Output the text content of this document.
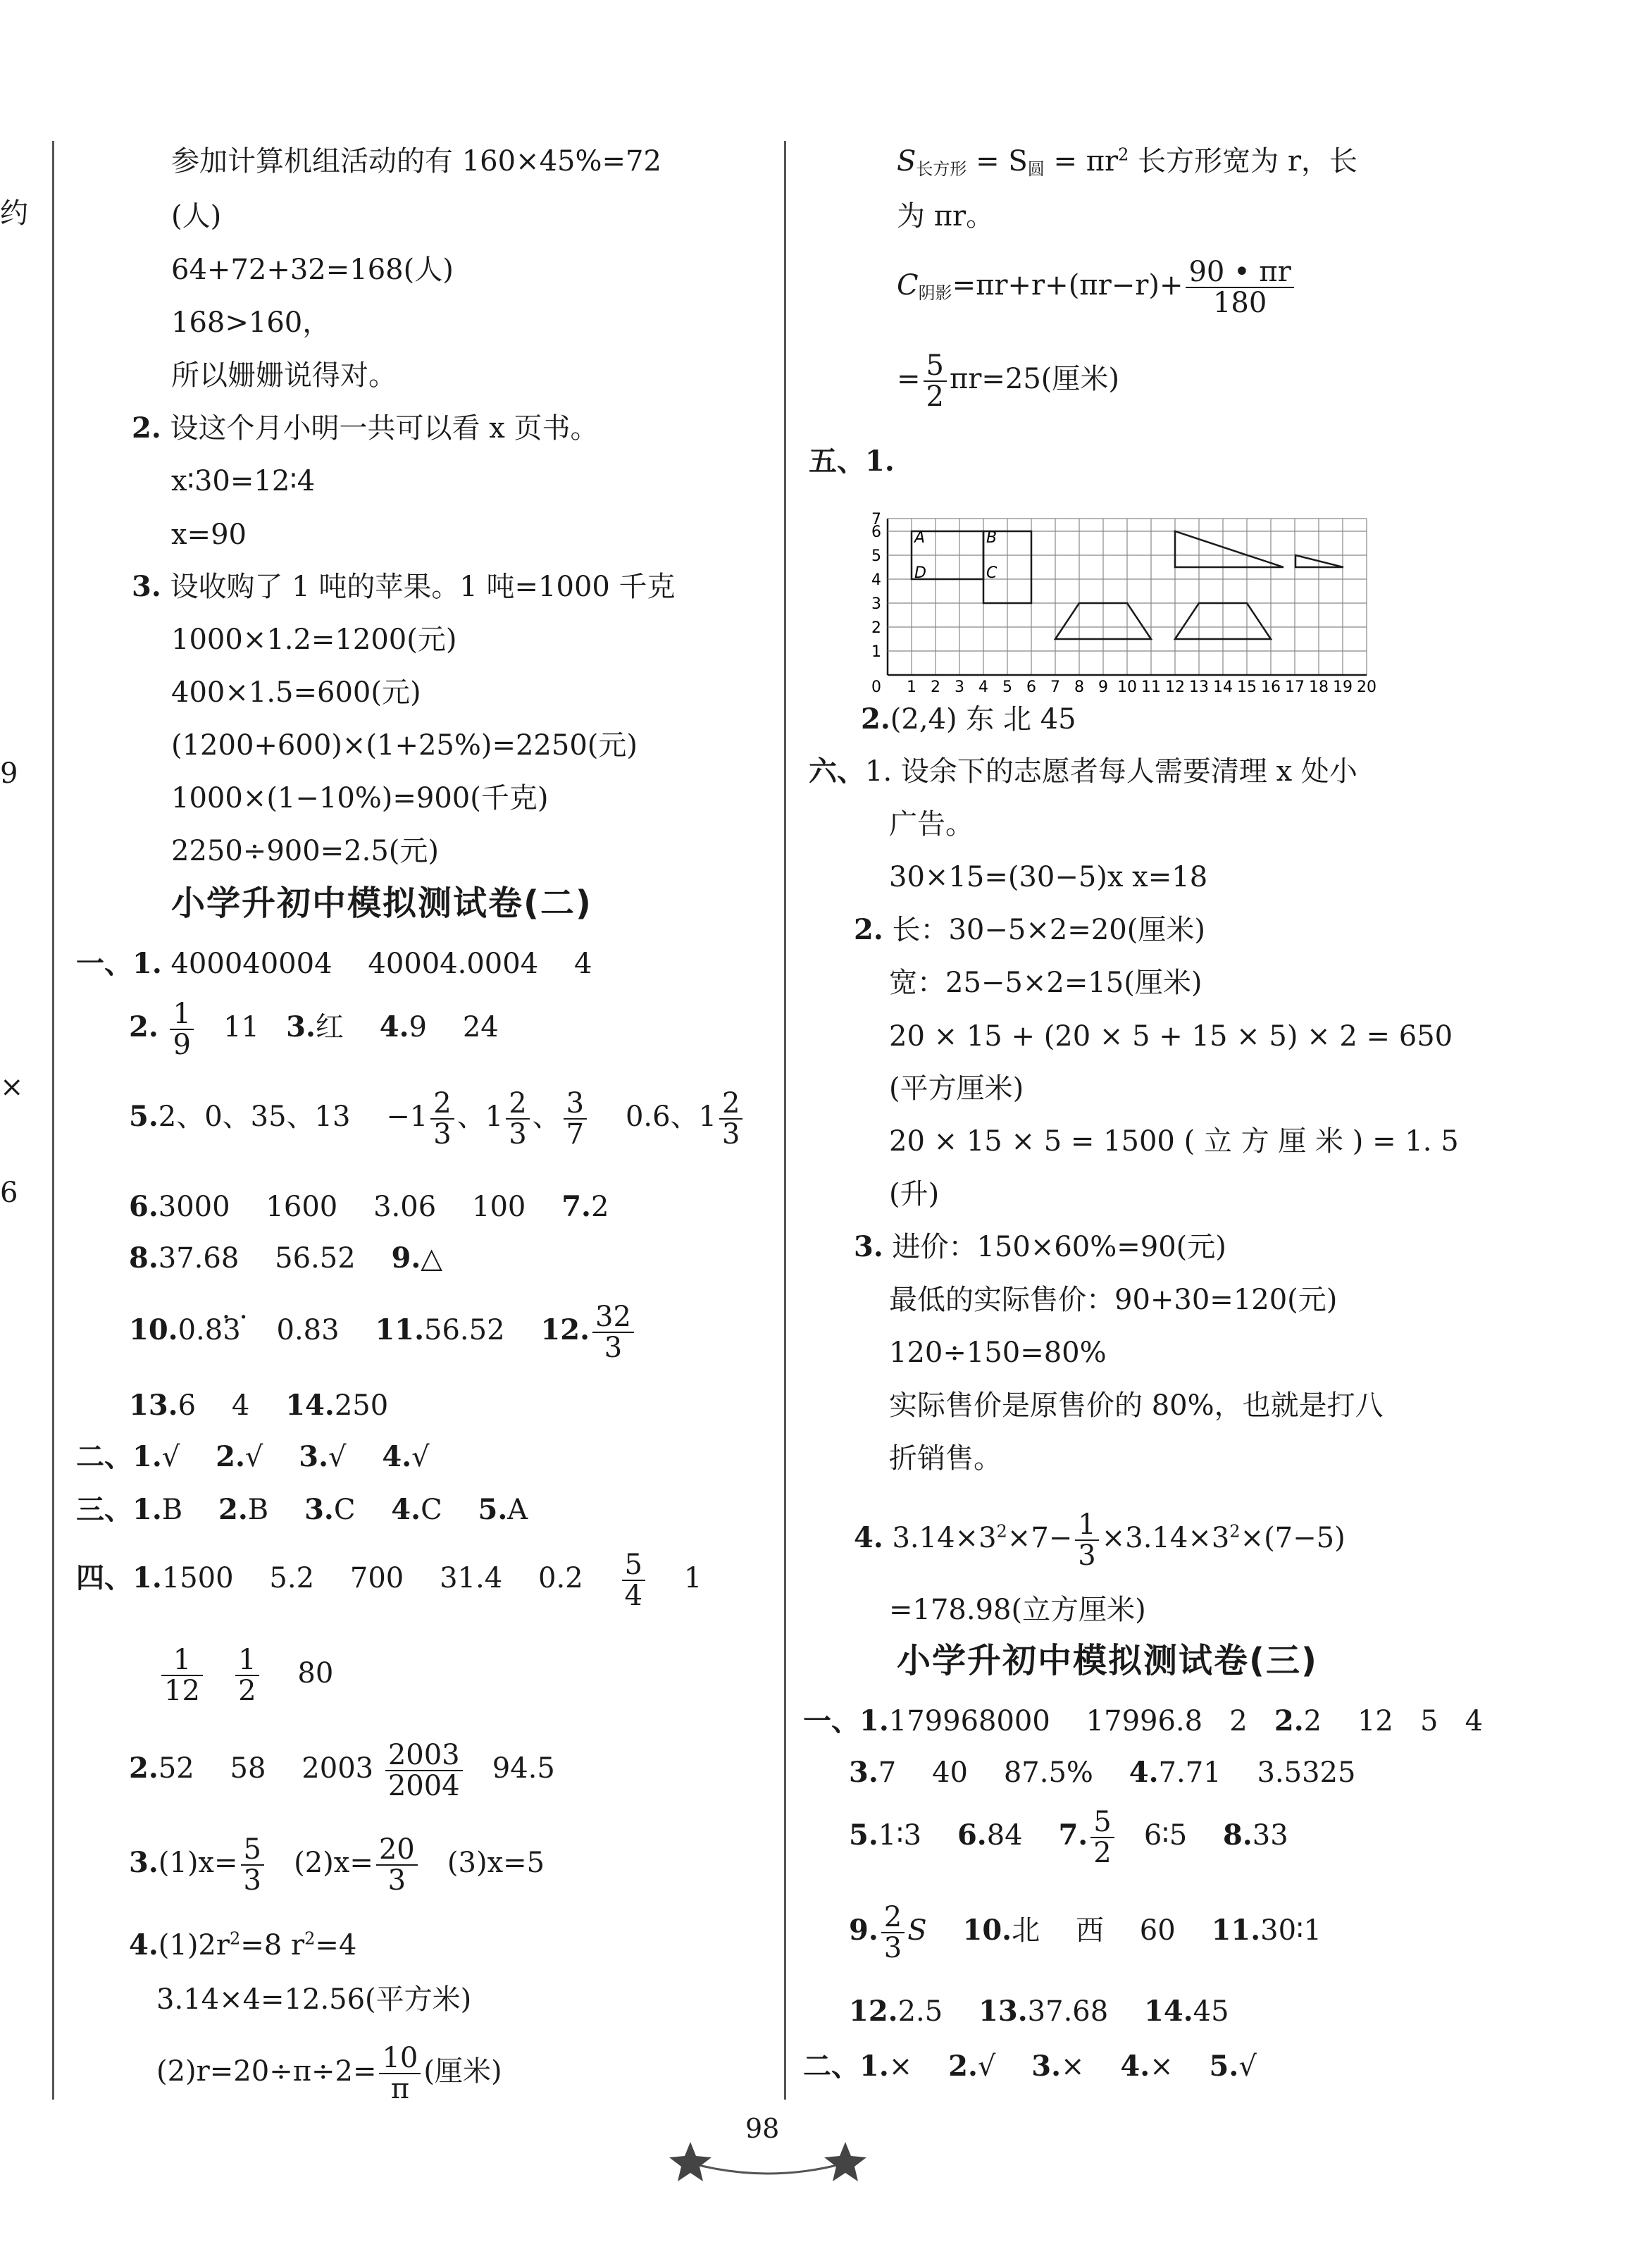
约
9
×
6
参加计算机组活动的有 160×45%=72
(人)
64+72+32=168(人)
168>160，
所以姗姗说得对。
2. 设这个月小明一共可以看 x 页书。
x∶30=12∶4
x=90
3. 设收购了 1 吨的苹果。1 吨=1000 千克
1000×1.2=1200(元)
400×1.5=600(元)
(1200+600)×(1+25%)=2250(元)
1000×(1−10%)=900(千克)
2250÷900=2.5(元)
小学升初中模拟测试卷(二)
一、1. 400040004 40004.0004 4
2. $\frac{1}{9} 11$ 3.红 4.9 24
5.2、0、35、$13 -1 \frac{2}{3}$ 、$1 \frac{2}{3}$ 、 $\frac{3}{7} 0.6$、$1 \frac{2}{3}$
6.3000 1600 3.06 100 7.2
8.37.68 56.52 9.△
10.
..
0.83 0.83 11.56.52 12. $\frac{32}{3}$
13.6 4 14.250
二、1.√ 2.√ 3.√ 4.√
三、1.B 2.B 3.C 4.C 5.A
四、1.1500 5.2 700 31.4 $0.2 \frac{5}{4} 1$
$\frac{1}{12}$
$\frac{1}{2} 80$
2.52 58 $2003 \frac{2003}{2004} 94.5$
$3.(1)x= \frac{5}{3} (2)x= \frac{20}{3} (3)x=5$
$4.(1)2r^2=8$ $r^2=4$
3.14×4=12.56(平方米)
$(2)r=20\div\pi\div 2= \frac{10}{\pi}$ (厘米)
$S_{长方形} = S_圆 = \pi r^2$ 长方形宽为 r，长
为 πr。
$C_{阴影}=\pi r+r+(\pi r-r)+ \frac{90 • \pi r}{180}$
= $\frac{5}{2} \pi r=25$(厘米)
五、1.
1
2
3
4
5
6
7
0 1 2 3 4 5 6 7 8 9 10 11 12 13 14 15 16 17 18 19 20
A	B
C
D
2.(2,4) 东 北 45
六、1. 设余下的志愿者每人需要清理 x 处小
广告。
30×15=(30−5)x x=18
2. 长：30−5×2=20(厘米)
宽：25−5×2=15(厘米)
20 × 15 + (20 × 5 + 15 × 5) × 2 = 650
(平方厘米)
20 × 15 × 5 = 1500 ( 立 方 厘 米 ) = 1. 5
(升)
3. 进价：150×60%=90(元)
最低的实际售价：90+30=120(元)
120÷150=80%
实际售价是原售价的 80%，也就是打八
折销售。
4. $3.14\times 3^2\times 7- \frac{1}{3} \times 3.14\times 3^2\times(7-5)$
=178.98(立方厘米)
小学升初中模拟测试卷(三)
一、1.179968000 17996.8 2 2.2 12 5 4
3.7 40 87.5% 4.7.71 3.5325
5.1∶3 6.84 7. $\frac{5}{2}$ 6∶5 8.33
9. $\frac{2}{3}$ S 10.北 西 60 11.30∶1
12.2.5 13.37.68 14.45
二、1.× 2.√ 3.× 4.× 5.√
98
